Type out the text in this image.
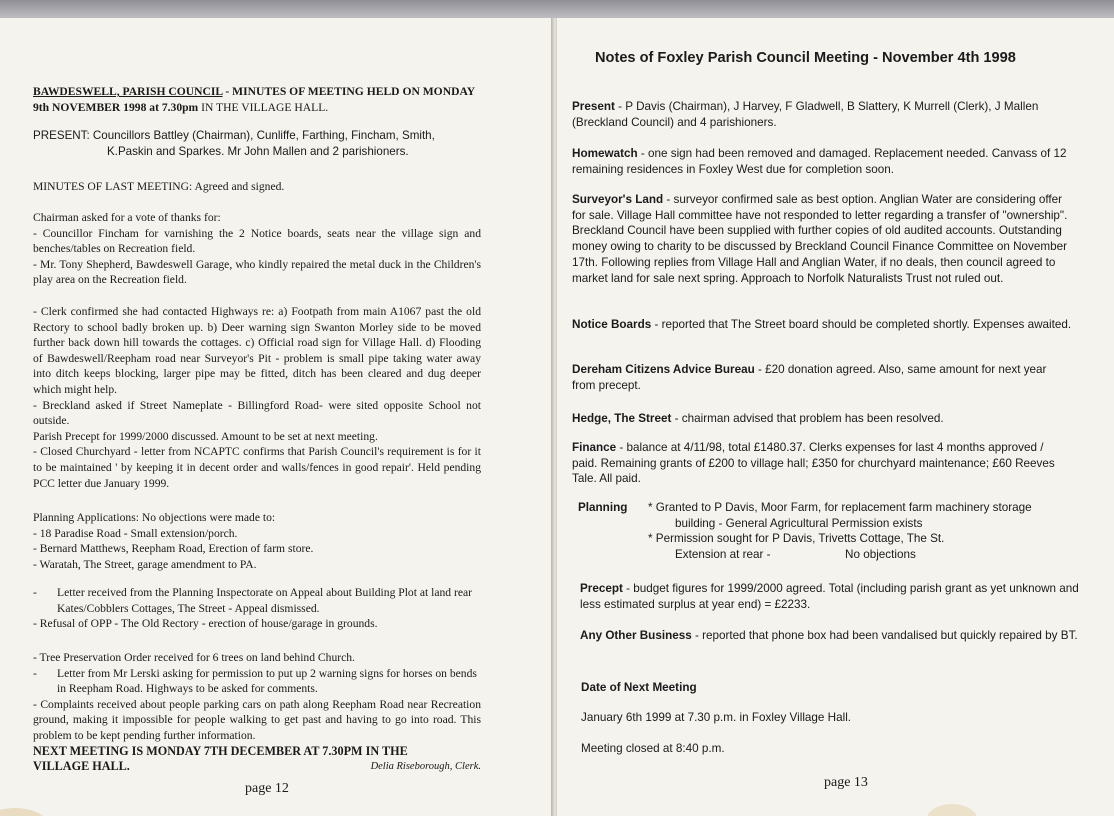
BAWDESWELL, PARISH COUNCIL - MINUTES OF MEETING HELD ON MONDAY 9th NOVEMBER 1998 at 7.30pm IN THE VILLAGE HALL.

PRESENT: Councillors Battley (Chairman), Cunliffe, Farthing, Fincham, Smith,

K.Paskin and Sparkes. Mr John Mallen and 2 parishioners.

MINUTES OF LAST MEETING: Agreed and signed.

Chairman asked for a vote of thanks for:

- Councillor Fincham for varnishing the 2 Notice boards, seats near the village sign and benches/tables on Recreation field.

- Mr. Tony Shepherd, Bawdeswell Garage, who kindly repaired the metal duck in the Children's play area on the Recreation field.

- Clerk confirmed she had contacted Highways re: a) Footpath from main A1067 past the old Rectory to school badly broken up. b) Deer warning sign Swanton Morley side to be moved further back down hill towards the cottages. c) Official road sign for Village Hall. d) Flooding of Bawdeswell/Reepham road near Surveyor's Pit - problem is small pipe taking water away into ditch keeps blocking, larger pipe may be fitted, ditch has been cleared and dug deeper which might help.

- Breckland asked if Street Nameplate - Billingford Road- were sited opposite School not outside.

Parish Precept for 1999/2000 discussed. Amount to be set at next meeting.

- Closed Churchyard - letter from NCAPTC confirms that Parish Council's requirement is for it to be maintained ' by keeping it in decent order and walls/fences in good repair'. Held pending PCC letter due January 1999.

Planning Applications: No objections were made to:

- 18 Paradise Road - Small extension/porch.

- Bernard Matthews, Reepham Road, Erection of farm store.

- Waratah, The Street, garage amendment to PA.

-	Letter received from the Planning Inspectorate on Appeal about Building Plot at land rear Kates/Cobblers Cottages, The Street - Appeal dismissed.

- Refusal of OPP - The Old Rectory - erection of house/garage in grounds.

- Tree Preservation Order received for 6 trees on land behind Church.

-	Letter from Mr Lerski asking for permission to put up 2 warning signs for horses on bends in Reepham Road. Highways to be asked for comments.

- Complaints received about people parking cars on path along Reepham Road near Recreation ground, making it impossible for people walking to get past and having to go into road. This problem to be kept pending further information.

NEXT MEETING IS MONDAY 7TH DECEMBER AT 7.30PM IN THE

VILLAGE HALL.	Delia Riseborough, Clerk.

page 12
Notes of Foxley Parish Council Meeting - November 4th 1998

Present - P Davis (Chairman), J Harvey, F Gladwell, B Slattery, K Murrell (Clerk), J Mallen (Breckland Council) and 4 parishioners.

Homewatch - one sign had been removed and damaged. Replacement needed. Canvass of 12 remaining residences in Foxley West due for completion soon.

Surveyor's Land - surveyor confirmed sale as best option. Anglian Water are considering offer for sale. Village Hall committee have not responded to letter regarding a transfer of "ownership". Breckland Council have been supplied with further copies of old audited accounts. Outstanding money owing to charity to be discussed by Breckland Council Finance Committee on November 17th. Following replies from Village Hall and Anglian Water, if no deals, then council agreed to market land for sale next spring. Approach to Norfolk Naturalists Trust not ruled out.

Notice Boards - reported that The Street board should be completed shortly. Expenses awaited.

Dereham Citizens Advice Bureau - £20 donation agreed. Also, same amount for next year from precept.

Hedge, The Street - chairman advised that problem has been resolved.

Finance - balance at 4/11/98, total £1480.37. Clerks expenses for last 4 months approved / paid. Remaining grants of £200 to village hall; £350 for churchyard maintenance; £60 Reeves Tale. All paid.

Planning	* Granted to P Davis, Moor Farm, for replacement farm machinery storage

building - General Agricultural Permission exists

* Permission sought for P Davis, Trivetts Cottage, The St.

Extension at rear -	No objections

Precept - budget figures for 1999/2000 agreed. Total (including parish grant as yet unknown and less estimated surplus at year end) = £2233.

Any Other Business - reported that phone box had been vandalised but quickly repaired by BT.

Date of Next Meeting

January 6th 1999 at 7.30 p.m. in Foxley Village Hall.

Meeting closed at 8:40 p.m.

page 13
